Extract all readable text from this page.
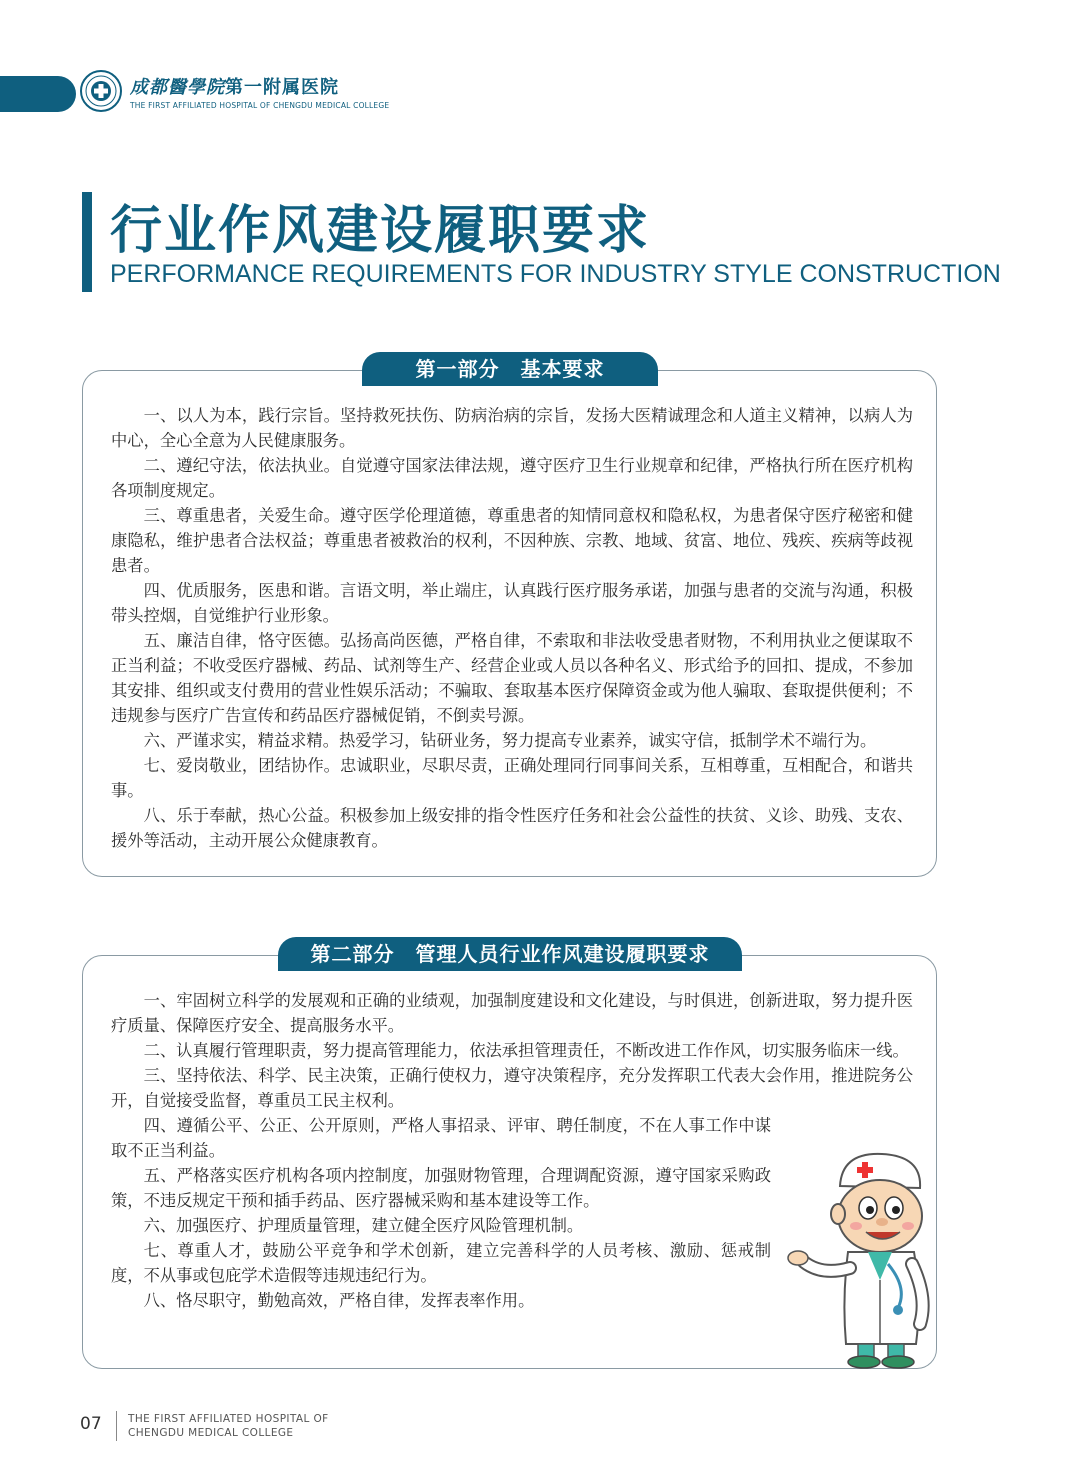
成都醫學院第一附属医院
THE FIRST AFFILIATED HOSPITAL OF CHENGDU MEDICAL COLLEGE
行业作风建设履职要求
PERFORMANCE REQUIREMENTS FOR INDUSTRY STYLE CONSTRUCTION
第一部分　基本要求

一、以人为本，践行宗旨。坚持救死扶伤、防病治病的宗旨，发扬大医精诚理念和人道主义精神，以病人为中心，全心全意为人民健康服务。

二、遵纪守法，依法执业。自觉遵守国家法律法规，遵守医疗卫生行业规章和纪律，严格执行所在医疗机构各项制度规定。

三、尊重患者，关爱生命。遵守医学伦理道德，尊重患者的知情同意权和隐私权，为患者保守医疗秘密和健康隐私，维护患者合法权益；尊重患者被救治的权利，不因种族、宗教、地域、贫富、地位、残疾、疾病等歧视患者。

四、优质服务，医患和谐。言语文明，举止端庄，认真践行医疗服务承诺，加强与患者的交流与沟通，积极带头控烟，自觉维护行业形象。

五、廉洁自律，恪守医德。弘扬高尚医德，严格自律，不索取和非法收受患者财物，不利用执业之便谋取不正当利益；不收受医疗器械、药品、试剂等生产、经营企业或人员以各种名义、形式给予的回扣、提成，不参加其安排、组织或支付费用的营业性娱乐活动；不骗取、套取基本医疗保障资金或为他人骗取、套取提供便利；不违规参与医疗广告宣传和药品医疗器械促销，不倒卖号源。

六、严谨求实，精益求精。热爱学习，钻研业务，努力提高专业素养，诚实守信，抵制学术不端行为。

七、爱岗敬业，团结协作。忠诚职业，尽职尽责，正确处理同行同事间关系，互相尊重，互相配合，和谐共事。

八、乐于奉献，热心公益。积极参加上级安排的指令性医疗任务和社会公益性的扶贫、义诊、助残、支农、援外等活动，主动开展公众健康教育。

第二部分　管理人员行业作风建设履职要求

一、牢固树立科学的发展观和正确的业绩观，加强制度建设和文化建设，与时俱进，创新进取，努力提升医疗质量、保障医疗安全、提高服务水平。

二、认真履行管理职责，努力提高管理能力，依法承担管理责任，不断改进工作作风，切实服务临床一线。

三、坚持依法、科学、民主决策，正确行使权力，遵守决策程序，充分发挥职工代表大会作用，推进院务公开，自觉接受监督，尊重员工民主权利。

四、遵循公平、公正、公开原则，严格人事招录、评审、聘任制度，不在人事工作中谋取不正当利益。

五、严格落实医疗机构各项内控制度，加强财物管理，合理调配资源，遵守国家采购政策，不违反规定干预和插手药品、医疗器械采购和基本建设等工作。

六、加强医疗、护理质量管理，建立健全医疗风险管理机制。

七、尊重人才，鼓励公平竞争和学术创新，建立完善科学的人员考核、激励、惩戒制度，不从事或包庇学术造假等违规违纪行为。

八、恪尽职守，勤勉高效，严格自律，发挥表率作用。

07	THE FIRST AFFILIATED HOSPITAL OF
CHENGDU MEDICAL COLLEGE
